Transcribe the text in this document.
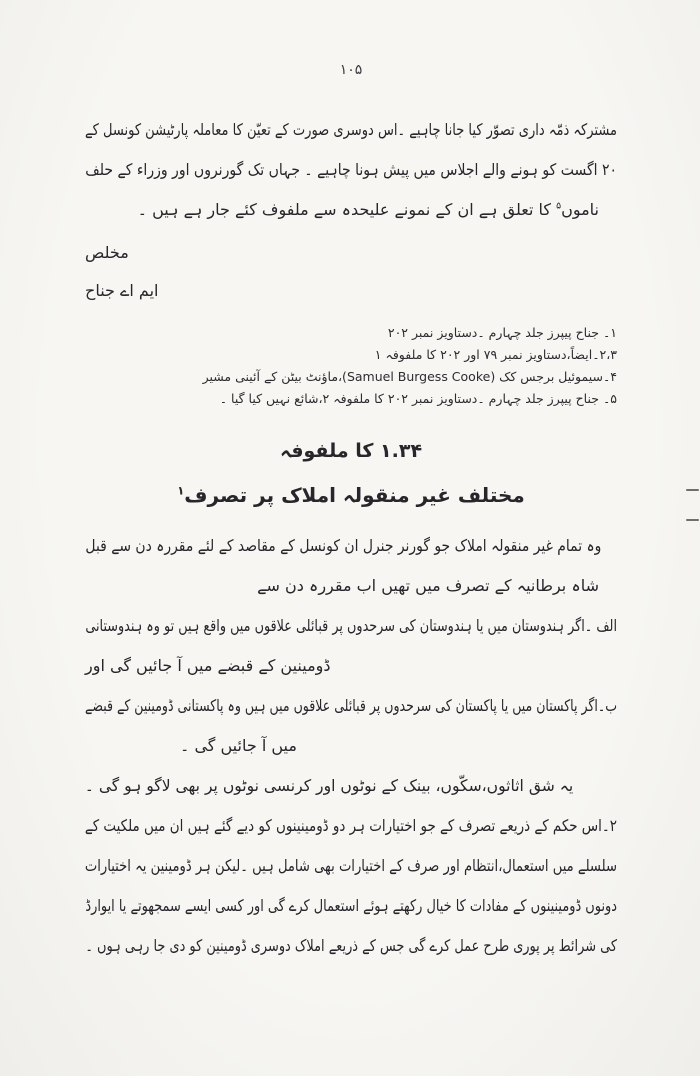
۱۰۵
مشترکہ ذمّہ داری تصوّر کیا جانا چاہیے ۔اس دوسری صورت کے تعیّن کا معاملہ پارٹیشن کونسل کے
۲۰ اگست کو ہونے والے اجلاس میں پیش ہونا چاہیے ۔ جہاں تک گورنروں اور وزراء کے حلف
ناموں$^۵$ کا تعلق ہے ان کے نمونے علیحدہ سے ملفوف کئے جار ہے ہیں ۔
مخلص
ایم اے جناح
۱۔ جناح پیپرز جلد چہارم ۔دستاویز نمبر ۲۰۲
۲،۳۔ایضاً،دستاویز نمبر ۷۹ اور ۲۰۲ کا ملفوفہ ۱
۴۔سیموئیل برجس کک (Samuel Burgess Cooke)،ماؤنٹ بیٹن کے آئینی مشیر
۵۔ جناح پیپرز جلد چہارم ۔دستاویز نمبر ۲۰۲ کا ملفوفہ ۲،شائع نہیں کیا گیا ۔
۱.۳۴ کا ملفوفہ
مختلف غیر منقولہ املاک پر تصرف$^۱$
وہ تمام غیر منقولہ املاک جو گورنر جنرل ان کونسل کے مقاصد کے لئے مقررہ دن سے قبل
شاہ برطانیہ کے تصرف میں تھیں اب مقررہ دن سے
الف ۔اگر ہندوستان میں یا ہندوستان کی سرحدوں پر قبائلی علاقوں میں واقع ہیں تو وہ ہندوستانی
ڈومینین کے قبضے میں آ جائیں گی اور
ب۔اگر پاکستان میں یا پاکستان کی سرحدوں پر قبائلی علاقوں میں ہیں وہ پاکستانی ڈومینین کے قبضے
میں آ جائیں گی ۔
یہ شق اثاثوں،سکّوں، بینک کے نوٹوں اور کرنسی نوٹوں پر بھی لاگو ہو گی ۔
۲۔اس حکم کے ذریعے تصرف کے جو اختیارات ہر دو ڈومینینوں کو دیے گئے ہیں ان میں ملکیت کے
سلسلے میں استعمال،انتظام اور صرف کے اختیارات بھی شامل ہیں ۔لیکن ہر ڈومینین یہ اختیارات
دونوں ڈومینینوں کے مفادات کا خیال رکھتے ہوئے استعمال کرے گی اور کسی ایسے سمجھوتے یا ایوارڈ
کی شرائط پر پوری طرح عمل کرے گی جس کے ذریعے املاک دوسری ڈومینین کو دی جا رہی ہوں ۔
